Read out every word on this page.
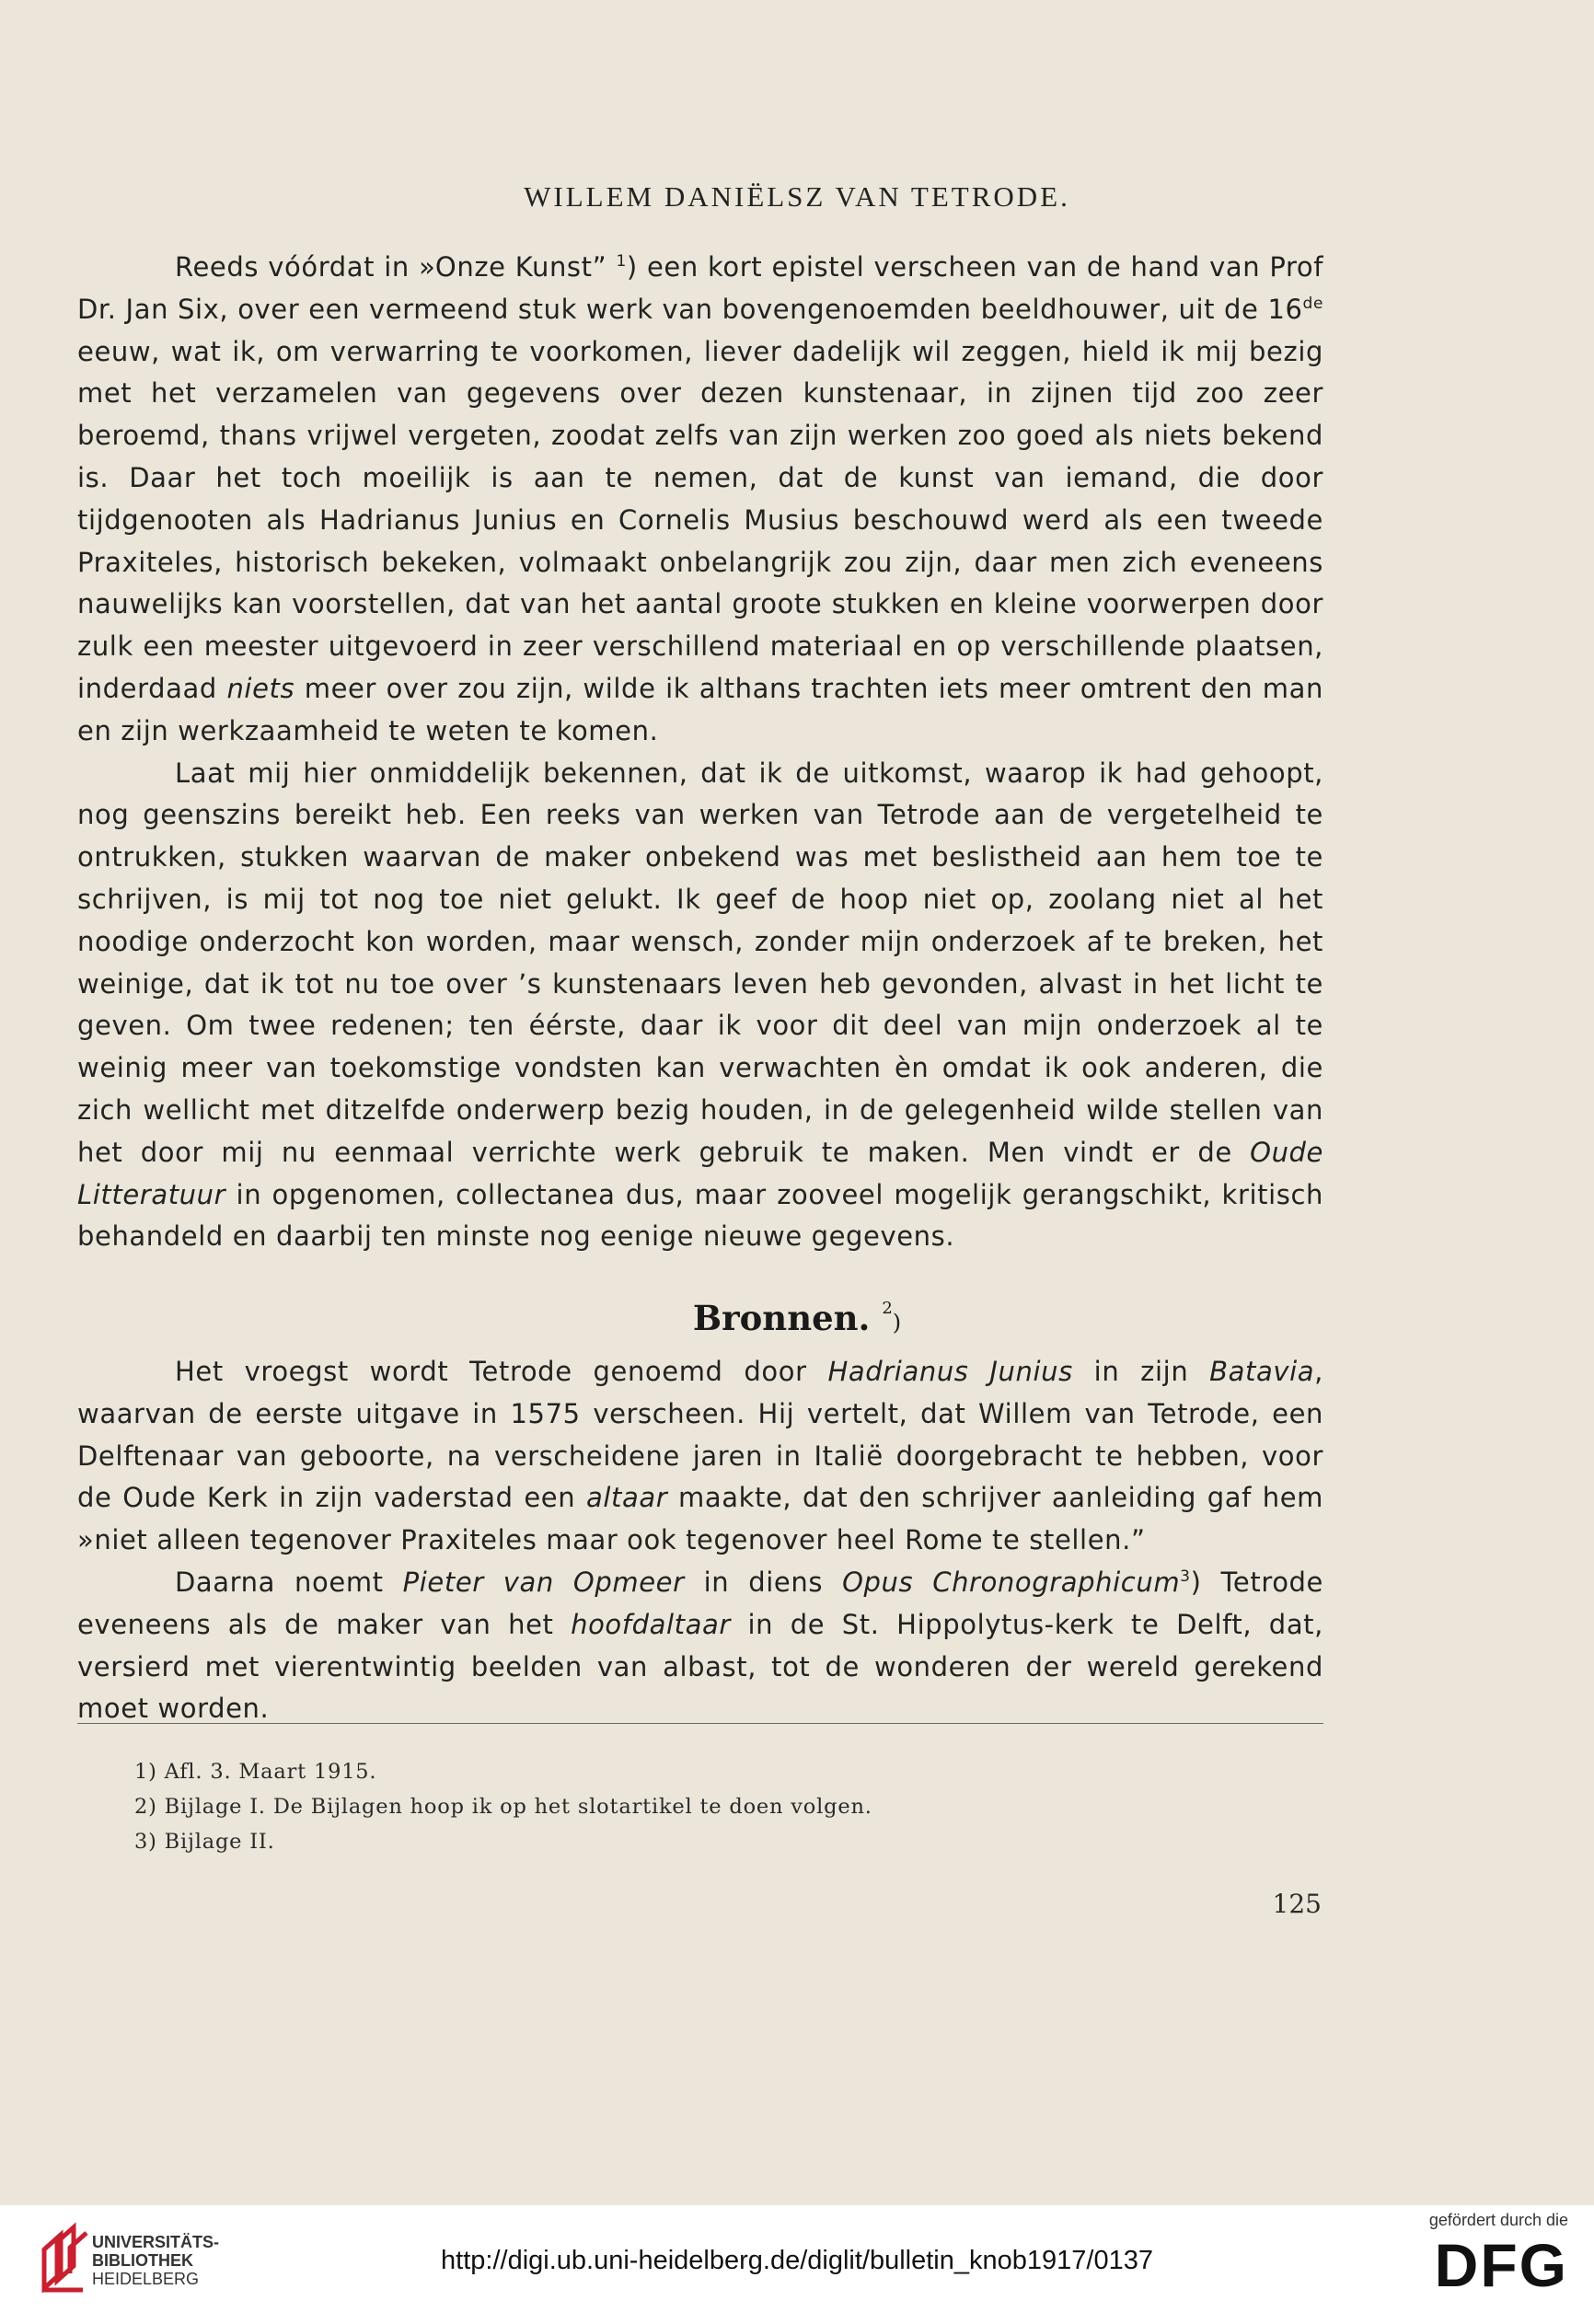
WILLEM DANIËLSZ VAN TETRODE.

Reeds vóórdat in »Onze Kunst” $^1$) een kort epistel verscheen van de hand van Prof Dr. Jan Six, over een vermeend stuk werk van bovengenoemden beeldhouwer, uit de 16de eeuw, wat ik, om verwarring te voorkomen, liever dadelijk wil zeggen, hield ik mij bezig met het verzamelen van gegevens over dezen kunstenaar, in zijnen tijd zoo zeer beroemd, thans vrijwel vergeten, zoodat zelfs van zijn werken zoo goed als niets bekend is. Daar het toch moeilijk is aan te nemen, dat de kunst van iemand, die door tijdgenooten als Hadrianus Junius en Cornelis Musius beschouwd werd als een tweede Praxiteles, historisch bekeken, volmaakt onbelangrijk zou zijn, daar men zich eveneens nauwelijks kan voorstellen, dat van het aantal groote stukken en kleine voorwerpen door zulk een meester uitgevoerd in zeer verschillend materiaal en op verschillende plaatsen, inderdaad niets meer over zou zijn, wilde ik althans trachten iets meer omtrent den man en zijn werkzaamheid te weten te komen.

Laat mij hier onmiddelijk bekennen, dat ik de uitkomst, waarop ik had gehoopt, nog geenszins bereikt heb. Een reeks van werken van Tetrode aan de vergetelheid te ontrukken, stukken waarvan de maker onbekend was met beslistheid aan hem toe te schrijven, is mij tot nog toe niet gelukt. Ik geef de hoop niet op, zoolang niet al het noodige onderzocht kon worden, maar wensch, zonder mijn onderzoek af te breken, het weinige, dat ik tot nu toe over ’s kunstenaars leven heb gevonden, alvast in het licht te geven. Om twee redenen; ten éérste, daar ik voor dit deel van mijn onderzoek al te weinig meer van toekomstige vondsten kan verwachten èn omdat ik ook anderen, die zich wellicht met ditzelfde onderwerp bezig houden, in de gelegenheid wilde stellen van het door mij nu eenmaal verrichte werk gebruik te maken. Men vindt er de Oude Litteratuur in opgenomen, collectanea dus, maar zooveel mogelijk gerangschikt, kritisch behandeld en daarbij ten minste nog eenige nieuwe gegevens.

Bronnen. $^2$)

Het vroegst wordt Tetrode genoemd door Hadrianus Junius in zijn Batavia, waarvan de eerste uitgave in 1575 verscheen. Hij vertelt, dat Willem van Tetrode, een Delftenaar van geboorte, na verscheidene jaren in Italië doorgebracht te hebben, voor de Oude Kerk in zijn vaderstad een altaar maakte, dat den schrijver aanleiding gaf hem »niet alleen tegenover Praxiteles maar ook tegenover heel Rome te stellen.”

Daarna noemt Pieter van Opmeer in diens Opus Chronographicum$^3$) Tetrode eveneens als de maker van het hoofdaltaar in de St. Hippolytus-kerk te Delft, dat, versierd met vierentwintig beelden van albast, tot de wonderen der wereld gerekend moet worden.

1) Afl. 3. Maart 1915.
2) Bijlage I. De Bijlagen hoop ik op het slotartikel te doen volgen.
3) Bijlage II.
125
UNIVERSITÄTS-
BIBLIOTHEK
HEIDELBERG
http://digi.ub.uni-heidelberg.de/diglit/bulletin_knob1917/0137
gefördert durch die
DFG
